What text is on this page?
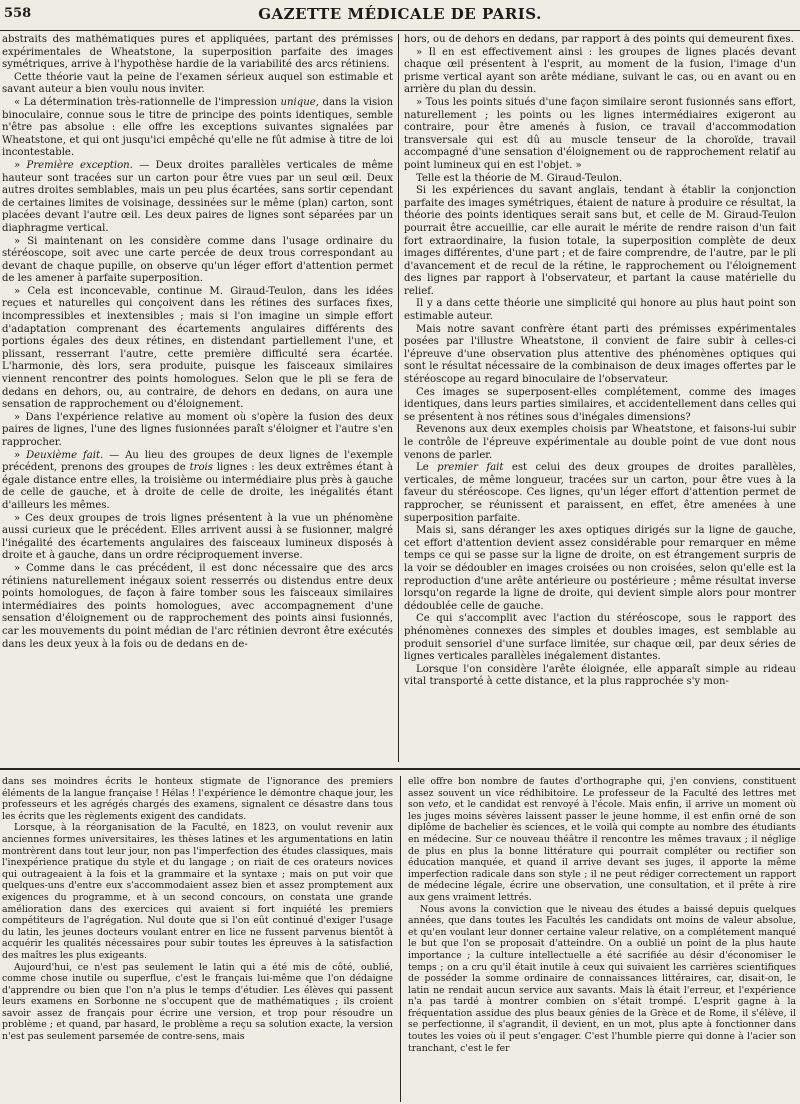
558	GAZETTE MÉDICALE DE PARIS.

abstraits des mathématiques pures et appliquées, partant des prémisses expérimentales de Wheatstone, la superposition parfaite des images symétriques, arrive à l'hypothèse hardie de la variabilité des arcs rétiniens.

Cette théorie vaut la peine de l'examen sérieux auquel son estimable et savant auteur a bien voulu nous inviter.

« La détermination très-rationnelle de l'impression unique, dans la vision binoculaire, connue sous le titre de principe des points identiques, semble n'être pas absolue : elle offre les exceptions suivantes signalées par Wheatstone, et qui ont jusqu'ici empêché qu'elle ne fût admise à titre de loi incontestable.

» Première exception. — Deux droites parallèles verticales de même hauteur sont tracées sur un carton pour être vues par un seul œil. Deux autres droites semblables, mais un peu plus écartées, sans sortir cependant de certaines limites de voisinage, dessinées sur le même (plan) carton, sont placées devant l'autre œil. Les deux paires de lignes sont séparées par un diaphragme vertical.

» Si maintenant on les considère comme dans l'usage ordinaire du stéréoscope, soit avec une carte percée de deux trous correspondant au devant de chaque pupille, on observe qu'un léger effort d'attention permet de les amener à parfaite superposition.

» Cela est inconcevable, continue M. Giraud-Teulon, dans les idées reçues et naturelles qui conçoivent dans les rétines des surfaces fixes, incompressibles et inextensibles ; mais si l'on imagine un simple effort d'adaptation comprenant des écartements angulaires différents des portions égales des deux rétines, en distendant partiellement l'une, et plissant, resserrant l'autre, cette première difficulté sera écartée. L'harmonie, dès lors, sera produite, puisque les faisceaux similaires viennent rencontrer des points homologues. Selon que le pli se fera de dedans en dehors, ou, au contraire, de dehors en dedans, on aura une sensation de rapprochement ou d'éloignement.

» Dans l'expérience relative au moment où s'opère la fusion des deux paires de lignes, l'une des lignes fusionnées paraît s'éloigner et l'autre s'en rapprocher.

» Deuxième fait. — Au lieu des groupes de deux lignes de l'exemple précédent, prenons des groupes de trois lignes : les deux extrêmes étant à égale distance entre elles, la troisième ou intermédiaire plus près à gauche de celle de gauche, et à droite de celle de droite, les inégalités étant d'ailleurs les mêmes.

» Ces deux groupes de trois lignes présentent à la vue un phénomène aussi curieux que le précédent. Elles arrivent aussi à se fusionner, malgré l'inégalité des écartements angulaires des faisceaux lumineux disposés à droite et à gauche, dans un ordre réciproquement inverse.

» Comme dans le cas précédent, il est donc nécessaire que des arcs rétiniens naturellement inégaux soient resserrés ou distendus entre deux points homologues, de façon à faire tomber sous les faisceaux similaires intermédiaires des points homologues, avec accompagnement d'une sensation d'éloignement ou de rapprochement des points ainsi fusionnés, car les mouvements du point médian de l'arc rétinien devront être exécutés dans les deux yeux à la fois ou de dedans en de-

hors, ou de dehors en dedans, par rapport à des points qui demeurent fixes.

» Il en est effectivement ainsi : les groupes de lignes placés devant chaque œil présentent à l'esprit, au moment de la fusion, l'image d'un prisme vertical ayant son arête médiane, suivant le cas, ou en avant ou en arrière du plan du dessin.

» Tous les points situés d'une façon similaire seront fusionnés sans effort, naturellement ; les points ou les lignes intermédiaires exigeront au contraire, pour être amenés à fusion, ce travail d'accommodation transversale qui est dû au muscle tenseur de la choroïde, travail accompagné d'une sensation d'éloignement ou de rapprochement relatif au point lumineux qui en est l'objet. »

Telle est la théorie de M. Giraud-Teulon.

Si les expériences du savant anglais, tendant à établir la conjonction parfaite des images symétriques, étaient de nature à produire ce résultat, la théorie des points identiques serait sans but, et celle de M. Giraud-Teulon pourrait être accueillie, car elle aurait le mérite de rendre raison d'un fait fort extraordinaire, la fusion totale, la superposition complète de deux images différentes, d'une part ; et de faire comprendre, de l'autre, par le pli d'avancement et de recul de la rétine, le rapprochement ou l'éloignement des lignes par rapport à l'observateur, et partant la cause matérielle du relief.

Il y a dans cette théorie une simplicité qui honore au plus haut point son estimable auteur.

Mais notre savant confrère étant parti des prémisses expérimentales posées par l'illustre Wheatstone, il convient de faire subir à celles-ci l'épreuve d'une observation plus attentive des phénomènes optiques qui sont le résultat nécessaire de la combinaison de deux images offertes par le stéréoscope au regard binoculaire de l'observateur.

Ces images se superposent-elles complétement, comme des images identiques, dans leurs parties similaires, et accidentellement dans celles qui se présentent à nos rétines sous d'inégales dimensions?

Revenons aux deux exemples choisis par Wheatstone, et faisons-lui subir le contrôle de l'épreuve expérimentale au double point de vue dont nous venons de parler.

Le premier fait est celui des deux groupes de droites parallèles, verticales, de même longueur, tracées sur un carton, pour être vues à la faveur du stéréoscope. Ces lignes, qu'un léger effort d'attention permet de rapprocher, se réunissent et paraissent, en effet, être amenées à une superposition parfaite.

Mais si, sans déranger les axes optiques dirigés sur la ligne de gauche, cet effort d'attention devient assez considérable pour remarquer en même temps ce qui se passe sur la ligne de droite, on est étrangement surpris de la voir se dédoubler en images croisées ou non croisées, selon qu'elle est la reproduction d'une arête antérieure ou postérieure ; même résultat inverse lorsqu'on regarde la ligne de droite, qui devient simple alors pour montrer dédoublée celle de gauche.

Ce qui s'accomplit avec l'action du stéréoscope, sous le rapport des phénomènes connexes des simples et doubles images, est semblable au produit sensoriel d'une surface limitée, sur chaque œil, par deux séries de lignes verticales parallèles inégalement distantes.

Lorsque l'on considère l'arête éloignée, elle apparaît simple au rideau vital transporté à cette distance, et la plus rapprochée s'y mon-

dans ses moindres écrits le honteux stigmate de l'ignorance des premiers éléments de la langue française ! Hélas ! l'expérience le démontre chaque jour, les professeurs et les agrégés chargés des examens, signalent ce désastre dans tous les écrits que les règlements exigent des candidats.

Lorsque, à la réorganisation de la Faculté, en 1823, on voulut revenir aux anciennes formes universitaires, les thèses latines et les argumentations en latin montrèrent dans tout leur jour, non pas l'imperfection des études classiques, mais l'inexpérience pratique du style et du langage ; on riait de ces orateurs novices qui outrageaient à la fois et la grammaire et la syntaxe ; mais on put voir que quelques-uns d'entre eux s'accommodaient assez bien et assez promptement aux exigences du programme, et à un second concours, on constata une grande amélioration dans des exercices qui avaient si fort inquiété les premiers compétiteurs de l'agrégation. Nul doute que si l'on eût continué d'exiger l'usage du latin, les jeunes docteurs voulant entrer en lice ne fussent parvenus bientôt à acquérir les qualités nécessaires pour subir toutes les épreuves à la satisfaction des maîtres les plus exigeants.

Aujourd'hui, ce n'est pas seulement le latin qui a été mis de côté, oublié, comme chose inutile ou superflue, c'est le français lui-même que l'on dédaigne d'apprendre ou bien que l'on n'a plus le temps d'étudier. Les élèves qui passent leurs examens en Sorbonne ne s'occupent que de mathématiques ; ils croient savoir assez de français pour écrire une version, et trop pour résoudre un problème ; et quand, par hasard, le problème a reçu sa solution exacte, la version n'est pas seulement parsemée de contre-sens, mais

elle offre bon nombre de fautes d'orthographe qui, j'en conviens, constituent assez souvent un vice rédhibitoire. Le professeur de la Faculté des lettres met son veto, et le candidat est renvoyé à l'école. Mais enfin, il arrive un moment où les juges moins sévères laissent passer le jeune homme, il est enfin orné de son diplôme de bachelier ès sciences, et le voilà qui compte au nombre des étudiants en médecine. Sur ce nouveau théâtre il rencontre les mêmes travaux ; il néglige de plus en plus la bonne littérature qui pourrait compléter ou rectifier son éducation manquée, et quand il arrive devant ses juges, il apporte la même imperfection radicale dans son style ; il ne peut rédiger correctement un rapport de médecine légale, écrire une observation, une consultation, et il prête à rire aux gens vraiment lettrés.

Nous avons la conviction que le niveau des études a baissé depuis quelques années, que dans toutes les Facultés les candidats ont moins de valeur absolue, et qu'en voulant leur donner certaine valeur relative, on a complétement manqué le but que l'on se proposait d'atteindre. On a oublié un point de la plus haute importance ; la culture intellectuelle a été sacrifiée au désir d'économiser le temps ; on a cru qu'il était inutile à ceux qui suivaient les carrières scientifiques de posséder la somme ordinaire de connaissances littéraires, car, disait-on, le latin ne rendait aucun service aux savants. Mais là était l'erreur, et l'expérience n'a pas tardé à montrer combien on s'était trompé. L'esprit gagne à la fréquentation assidue des plus beaux génies de la Grèce et de Rome, il s'élève, il se perfectionne, il s'agrandit, il devient, en un mot, plus apte à fonctionner dans toutes les voies où il peut s'engager. C'est l'humble pierre qui donne à l'acier son tranchant, c'est le fer
